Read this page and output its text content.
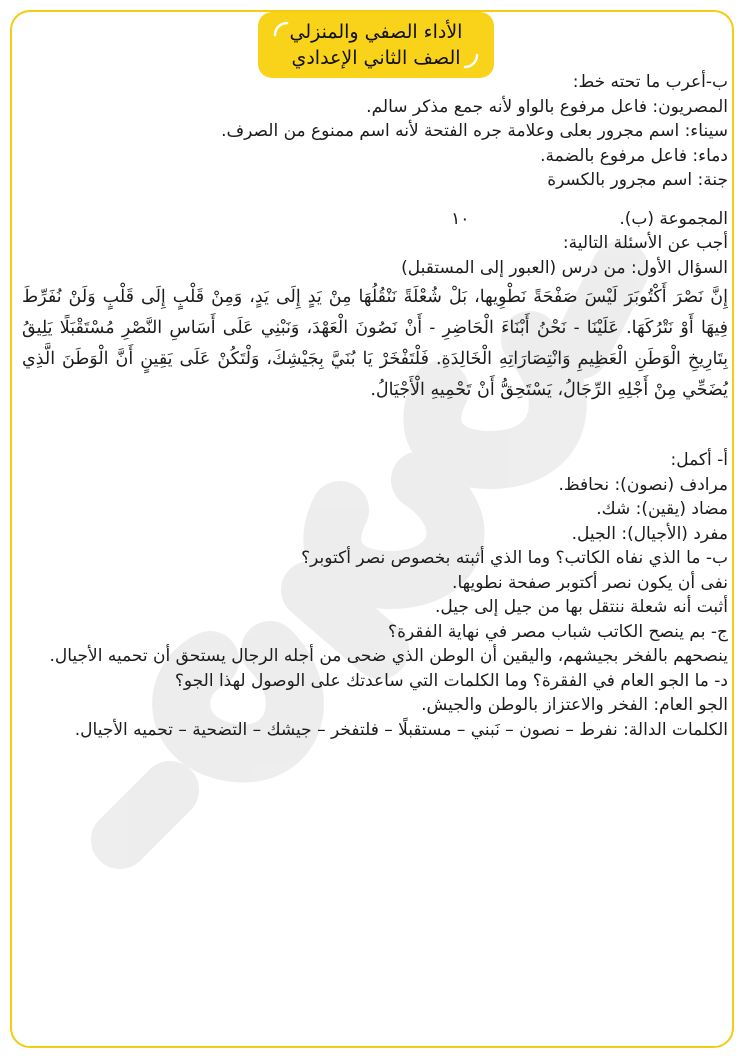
الأداء الصفي والمنزلي
الصف الثاني الإعدادي
ب-أعرب ما تحته خط:
المصريون: فاعل مرفوع بالواو لأنه جمع مذكر سالم.
سيناء: اسم مجرور بعلى وعلامة جره الفتحة لأنه اسم ممنوع من الصرف.
دماء: فاعل مرفوع بالضمة.
جنة: اسم مجرور بالكسرة
المجموعة (ب).
١٠
أجب عن الأسئلة التالية:
السؤال الأول: من درس (العبور إلى المستقبل)
إِنَّ نَصْرَ أَكْتُوبَرَ لَيْسَ صَفْحَةً نَطْوِيها، بَلْ شُعْلَةً نَنْقُلُهَا مِنْ يَدٍ إِلَى يَدٍ، وَمِنْ قَلْبٍ إِلَى قَلْبٍ وَلَنْ نُفَرِّطَ فِيهَا أَوْ نَتْرُكَهَا. عَلَيْنَا - نَحْنُ أَبْنَاءَ الْحَاضِرِ - أَنْ نَصُونَ الْعَهْدَ، وَنَبْنِي عَلَى أَسَاسِ النَّصْرِ مُسْتَقْبَلًا يَلِيقُ بِتَارِيخِ الْوَطَنِ الْعَظِيمِ وَانْتِصَارَاتِهِ الْخَالِدَةِ. فَلْتَفْخَرْ يَا بُنَيَّ بِجَيْشِكَ، وَلْتَكُنْ عَلَى يَقِينٍ أَنَّ الْوَطَنَ الَّذِي يُضَحِّي مِنْ أَجْلِهِ الرِّجَالُ، يَسْتَحِقُّ أَنْ تَحْمِيهِ الْأَجْيَالُ.
أ- أكمل:
مرادف (نصون): نحافظ.
مضاد (يقين): شك.
مفرد (الأجيال): الجيل.
ب- ما الذي نفاه الكاتب؟ وما الذي أثبته بخصوص نصر أكتوبر؟
نفى أن يكون نصر أكتوبر صفحة نطويها.
أثبت أنه شعلة ننتقل بها من جيل إلى جيل.
ج- بم ينصح الكاتب شباب مصر في نهاية الفقرة؟
ينصحهم بالفخر بجيشهم، واليقين أن الوطن الذي ضحى من أجله الرجال يستحق أن تحميه الأجيال.
د- ما الجو العام في الفقرة؟ وما الكلمات التي ساعدتك على الوصول لهذا الجو؟
الجو العام: الفخر والاعتزاز بالوطن والجيش.
الكلمات الدالة: نفرط – نصون – نَبني – مستقبلًا – فلتفخر – جيشك – التضحية – تحميه الأجيال.
